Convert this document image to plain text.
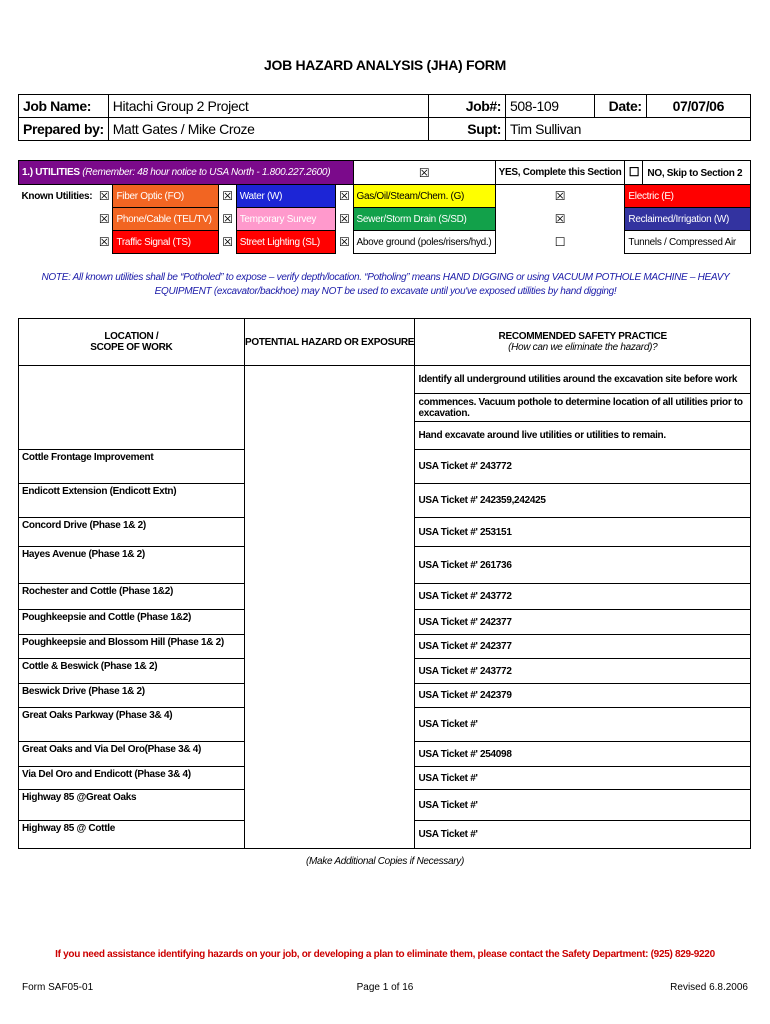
JOB HAZARD ANALYSIS (JHA) FORM
Job Name:	Hitachi Group 2 Project	Job#:	508-109	Date:	07/07/06
Prepared by:	Matt Gates / Mike Croze	Supt:	Tim Sullivan		
1.) UTILITIES (Remember: 48 hour notice to USA North - 1.800.227.2600)						☒	YES, Complete this Section	☐ NO, Skip to Section 2
Known Utilities:	☒	Fiber Optic (FO)	☒	Water (W)	☒	Gas/Oil/Steam/Chem. (G)	☒	Electric (E)
	☒	Phone/Cable (TEL/TV)	☒	Temporary Survey	☒	Sewer/Storm Drain (S/SD)	☒	Reclaimed/Irrigation (W)
	☒	Traffic Signal (TS)	☒	Street Lighting (SL)	☒	Above ground (poles/risers/hyd.)	☐	Tunnels / Compressed Air
NOTE: All known utilities shall be “Potholed” to expose – verify depth/location. “Potholing” means HAND DIGGING or using VACUUM POTHOLE MACHINE – HEAVY EQUIPMENT (excavator/backhoe) may NOT be used to excavate until you've exposed utilities by hand digging!
LOCATION /
SCOPE OF WORK	POTENTIAL HAZARD OR EXPOSURE	RECOMMENDED SAFETY PRACTICE
(How can we eliminate the hazard)?

		Identify all underground utilities around the excavation site before work
		commences. Vacuum pothole to determine location of all utilities prior to excavation.
		Hand excavate around live utilities or utilities to remain.
Cottle Frontage Improvement		USA Ticket #' 243772
Endicott Extension (Endicott Extn)		USA Ticket #' 242359,242425
Concord Drive (Phase 1& 2)		USA Ticket #' 253151
Hayes Avenue (Phase 1& 2)		USA Ticket #' 261736
Rochester and Cottle (Phase 1&2)		USA Ticket #' 243772
Poughkeepsie and Cottle (Phase 1&2)		USA Ticket #' 242377
Poughkeepsie and Blossom Hill (Phase 1& 2)		USA Ticket #' 242377
Cottle & Beswick (Phase 1& 2)		USA Ticket #' 243772
Beswick Drive (Phase 1& 2)		USA Ticket #' 242379
Great Oaks Parkway (Phase 3& 4)		USA Ticket #'
Great Oaks and Via Del Oro(Phase 3& 4)		USA Ticket #' 254098
Via Del Oro and Endicott (Phase 3& 4)		USA Ticket #'
Highway 85 @Great Oaks		USA Ticket #'
Highway 85 @ Cottle		USA Ticket #'
(Make Additional Copies if Necessary)
If you need assistance identifying hazards on your job, or developing a plan to eliminate them, please contact the Safety Department: (925) 829-9220
Form SAF05-01	Page 1 of 16	Revised 6.8.2006
